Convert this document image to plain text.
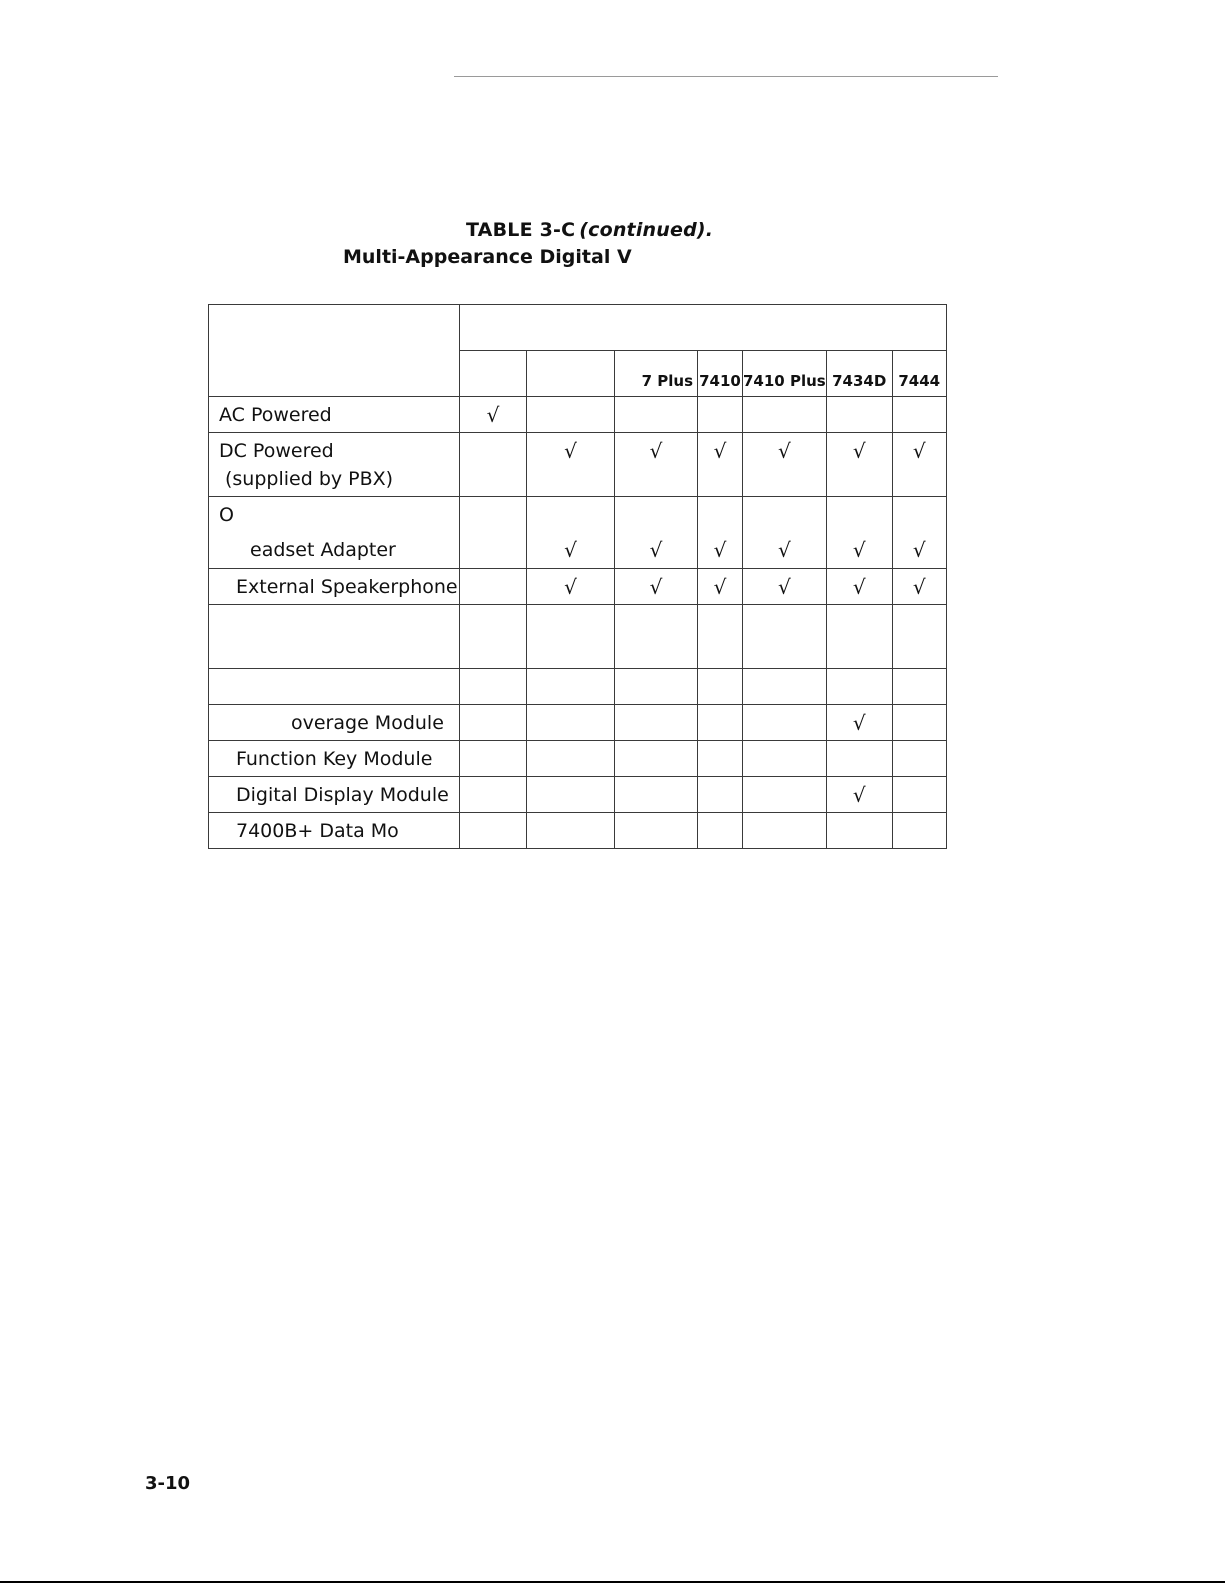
TABLE 3-C (continued).
Multi-Appearance Digital V

			7 Plus	7410	7410 Plus	7434D	7444
AC Powered	√						

DC Powered
(supplied by PBX)		√	√	√	√	√	√
O							
eadset Adapter		√	√	√	√	√	√
External Speakerphone		√	√	√	√	√	√

overage Module						√	
Function Key Module							
Digital Display Module						√	
7400B+ Data Mo							
3-10
